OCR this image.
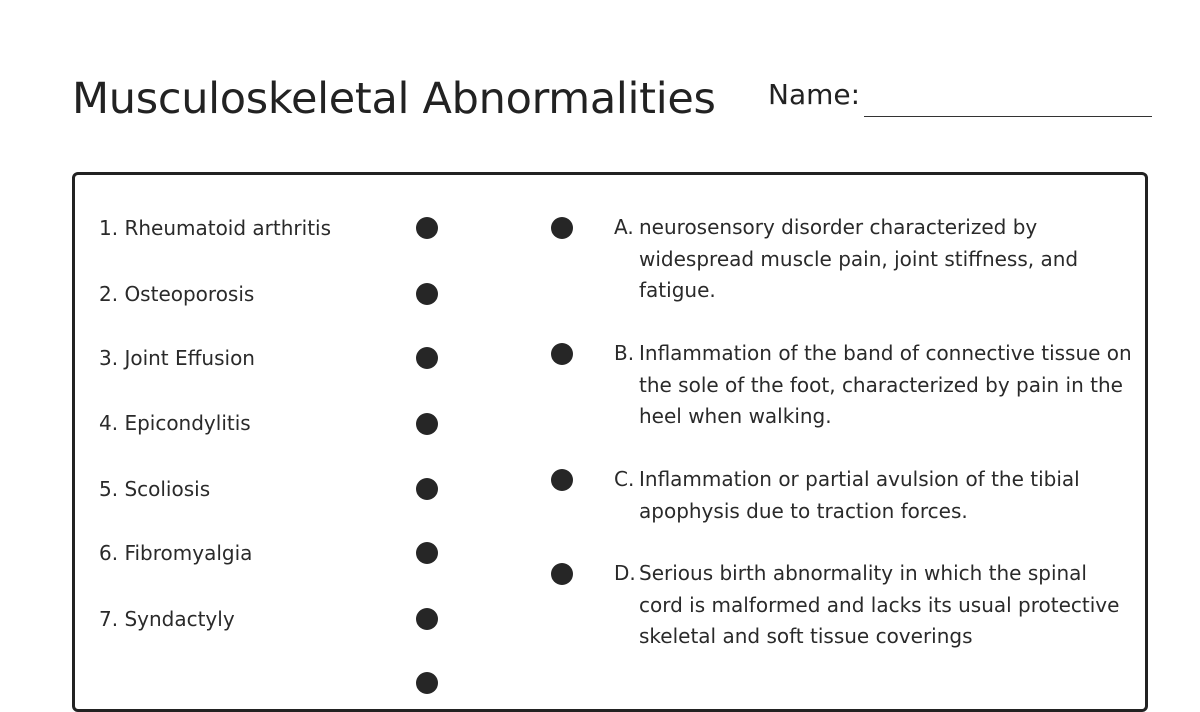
Musculoskeletal Abnormalities Name:
1. Rheumatoid arthritis
2. Osteoporosis
3. Joint Effusion
4. Epicondylitis
5. Scoliosis
6. Fibromyalgia
7. Syndactyly
A. neurosensory disorder characterized by widespread muscle pain, joint stiffness, and fatigue.
B. Inflammation of the band of connective tissue on the sole of the foot, characterized by pain in the heel when walking.
C. Inflammation or partial avulsion of the tibial apophysis due to traction forces.
D. Serious birth abnormality in which the spinal cord is malformed and lacks its usual protective skeletal and soft tissue coverings
